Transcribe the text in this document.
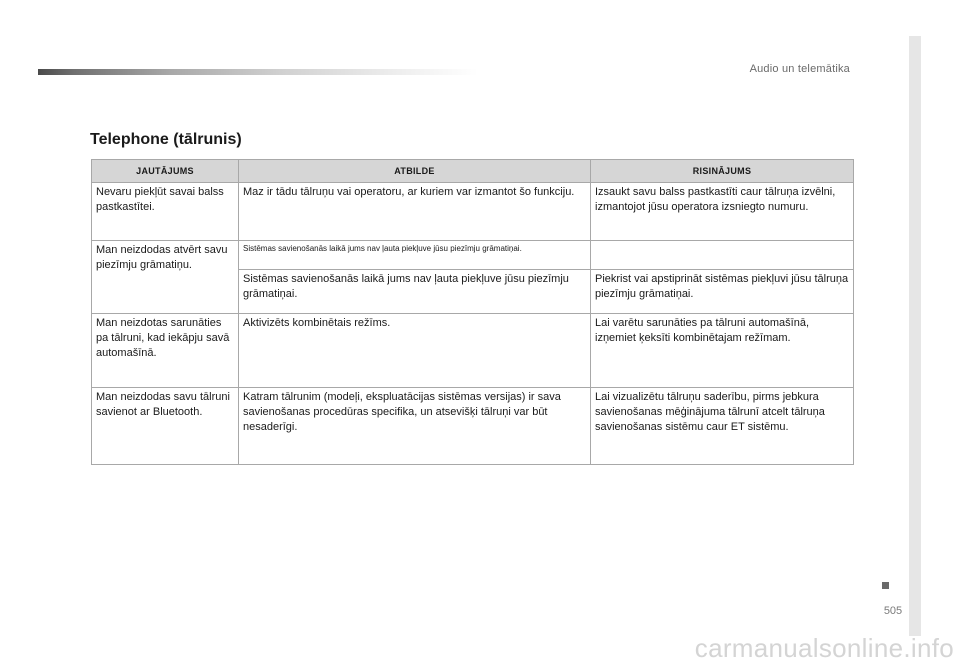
Audio un telemātika
505
Telephone (tālrunis)
JAUTĀJUMS	ATBILDE	RISINĀJUMS
Nevaru piekļūt savai balss pastkastītei.	Maz ir tādu tālruņu vai operatoru, ar kuriem var izmantot šo funkciju.	Izsaukt savu balss pastkastīti caur tālruņa izvēlni, izmantojot jūsu operatora izsniegto numuru.
Man neizdodas atvērt savu piezīmju grāmatiņu.	Sistēmas savienošanās laikā jums nav ļauta piekļuve jūsu piezīmju grāmatiņai.	
	Sistēmas savienošanās laikā jums nav ļauta piekļuve jūsu piezīmju grāmatiņai.	Piekrist vai apstiprināt sistēmas piekļuvi jūsu tālruņa piezīmju grāmatiņai.
Man neizdotas sarunāties pa tālruni, kad iekāpju savā automašīnā.	Aktivizēts kombinētais režīms.	Lai varētu sarunāties pa tālruni automašīnā, izņemiet ķeksīti kombinētajam režīmam.
Man neizdodas savu tālruni savienot ar Bluetooth.	Katram tālrunim (modeļi, ekspluatācijas sistēmas versijas) ir sava savienošanas procedūras specifika, un atsevišķi tālruņi var būt nesaderīgi.	Lai vizualizētu tālruņu saderību, pirms jebkura savienošanas mēģinājuma tālrunī atcelt tālruņa savienošanas sistēmu caur ET sistēmu.
carmanualsonline.info
